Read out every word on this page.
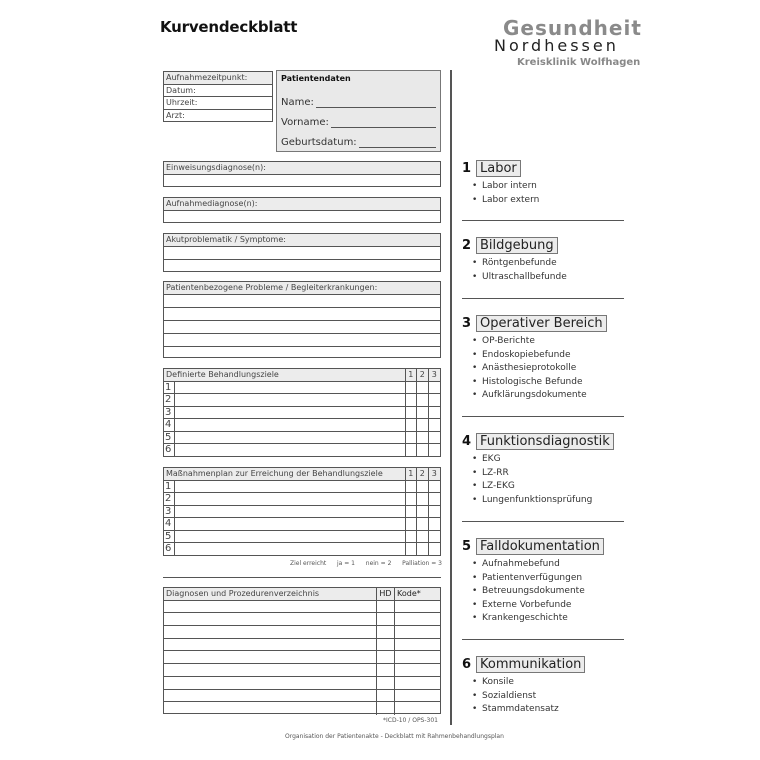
Kurvendeckblatt	Gesundheit
Nordhessen
Kreisklinik Wolfhagen
Aufnahmezeitpunkt:
Datum:
Uhrzeit:
Arzt:
Patientendaten
Name:
Vorname:
Geburtsdatum:
Einweisungsdiagnose(n):
Aufnahmediagnose(n):
Akutproblematik / Symptome:
Patientenbezogene Probleme / Begleiterkrankungen:
Definierte Behandlungsziele	1 2 3
1
2
3
4
5
6
Maßnahmenplan zur Erreichung der Behandlungsziele	1 2 3
1
2
3
4
5
6
Ziel erreicht ja = 1 nein = 2 Palliation = 3
Diagnosen und Prozedurenverzeichnis	HD Kode*
*ICD-10 / OPS-301
Organisation der Patientenakte - Deckblatt mit Rahmenbehandlungsplan
1 Labor
• Labor intern
• Labor extern
2 Bildgebung
• Röntgenbefunde
• Ultraschallbefunde
3 Operativer Bereich
• OP-Berichte
• Endoskopiebefunde
• Anästhesieprotokolle
• Histologische Befunde
• Aufklärungsdokumente
4 Funktionsdiagnostik
• EKG
• LZ-RR
• LZ-EKG
• Lungenfunktionsprüfung
5 Falldokumentation
• Aufnahmebefund
• Patientenverfügungen
• Betreuungsdokumente
• Externe Vorbefunde
• Krankengeschichte
6 Kommunikation
• Konsile
• Sozialdienst
• Stammdatensatz
